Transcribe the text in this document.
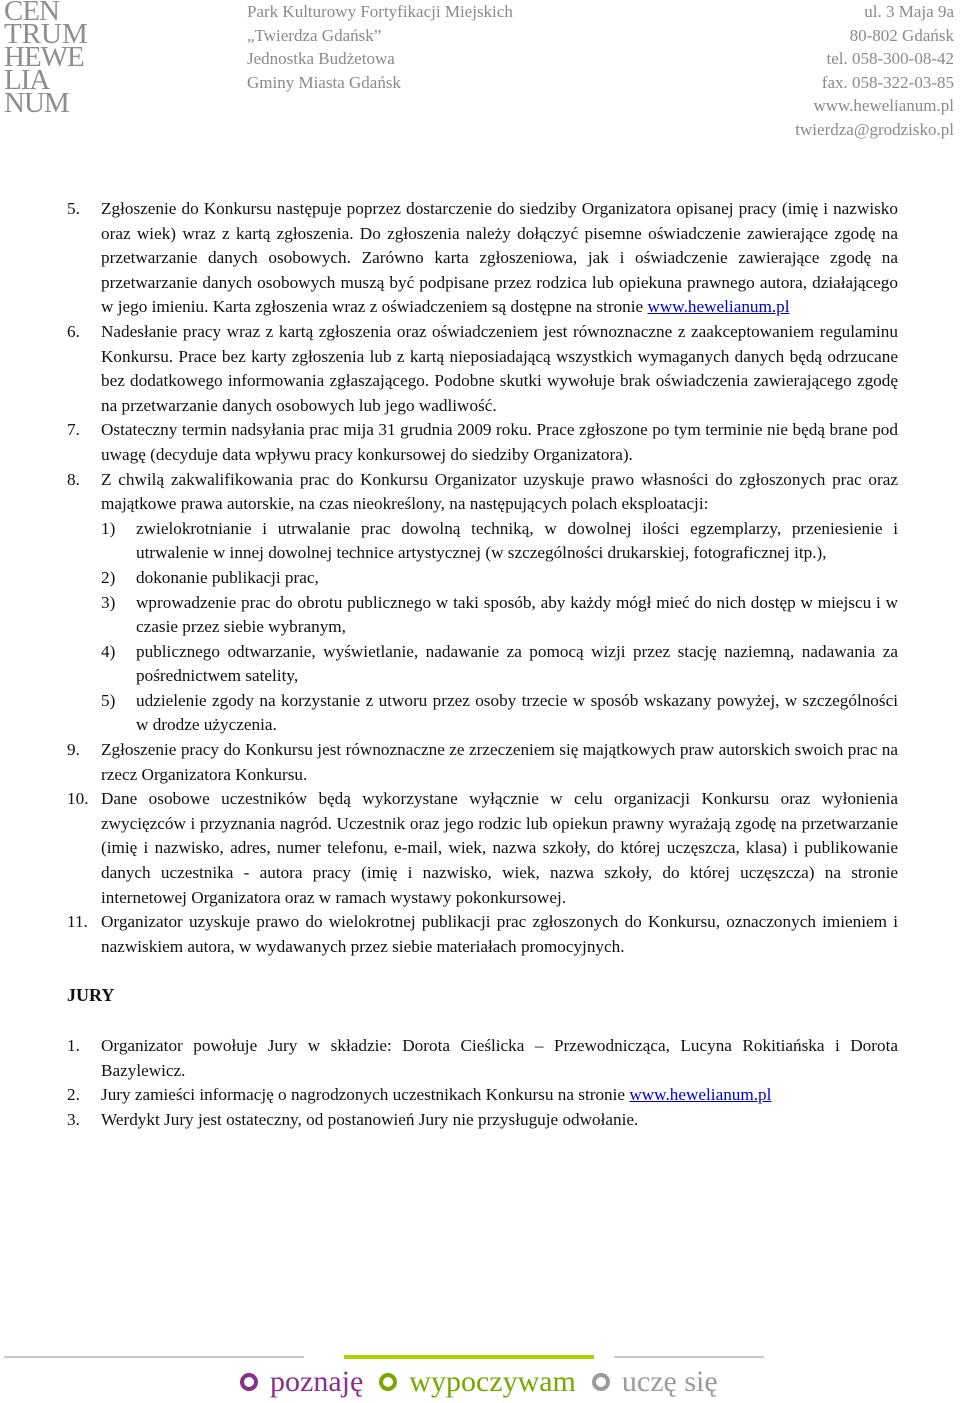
CEN
TRUM
HEWE
LIA
NUM
Park Kulturowy Fortyfikacji Miejskich
„Twierdza Gdańsk”
Jednostka Budżetowa
Gminy Miasta Gdańsk
ul. 3 Maja 9a
80-802 Gdańsk
tel. 058-300-08-42
fax. 058-322-03-85
www.hewelianum.pl
twierdza@grodzisko.pl
5. Zgłoszenie do Konkursu następuje poprzez dostarczenie do siedziby Organizatora opisanej pracy (imię i nazwisko oraz wiek) wraz z kartą zgłoszenia. Do zgłoszenia należy dołączyć pisemne oświadczenie zawierające zgodę na przetwarzanie danych osobowych. Zarówno karta zgłoszeniowa, jak i oświadczenie zawierające zgodę na przetwarzanie danych osobowych muszą być podpisane przez rodzica lub opiekuna prawnego autora, działającego w jego imieniu. Karta zgłoszenia wraz z oświadczeniem są dostępne na stronie www.hewelianum.pl
6. Nadesłanie pracy wraz z kartą zgłoszenia oraz oświadczeniem jest równoznaczne z zaakceptowaniem regulaminu Konkursu. Prace bez karty zgłoszenia lub z kartą nieposiadającą wszystkich wymaganych danych będą odrzucane bez dodatkowego informowania zgłaszającego. Podobne skutki wywołuje brak oświadczenia zawierającego zgodę na przetwarzanie danych osobowych lub jego wadliwość.
7. Ostateczny termin nadsyłania prac mija 31 grudnia 2009 roku. Prace zgłoszone po tym terminie nie będą brane pod uwagę (decyduje data wpływu pracy konkursowej do siedziby Organizatora).
8. Z chwilą zakwalifikowania prac do Konkursu Organizator uzyskuje prawo własności do zgłoszonych prac oraz majątkowe prawa autorskie, na czas nieokreślony, na następujących polach eksploatacji:
1) zwielokrotnianie i utrwalanie prac dowolną techniką, w dowolnej ilości egzemplarzy, przeniesienie i utrwalenie w innej dowolnej technice artystycznej (w szczególności drukarskiej, fotograficznej itp.),
2) dokonanie publikacji prac,
3) wprowadzenie prac do obrotu publicznego w taki sposób, aby każdy mógł mieć do nich dostęp w miejscu i w czasie przez siebie wybranym,
4) publicznego odtwarzanie, wyświetlanie, nadawanie za pomocą wizji przez stację naziemną, nadawania za pośrednictwem satelity,
5) udzielenie zgody na korzystanie z utworu przez osoby trzecie w sposób wskazany powyżej, w szczególności w drodze użyczenia.
9. Zgłoszenie pracy do Konkursu jest równoznaczne ze zrzeczeniem się majątkowych praw autorskich swoich prac na rzecz Organizatora Konkursu.
10. Dane osobowe uczestników będą wykorzystane wyłącznie w celu organizacji Konkursu oraz wyłonienia zwycięzców i przyznania nagród. Uczestnik oraz jego rodzic lub opiekun prawny wyrażają zgodę na przetwarzanie (imię i nazwisko, adres, numer telefonu, e-mail, wiek, nazwa szkoły, do której uczęszcza, klasa) i publikowanie danych uczestnika - autora pracy (imię i nazwisko, wiek, nazwa szkoły, do której uczęszcza) na stronie internetowej Organizatora oraz w ramach wystawy pokonkursowej.
11. Organizator uzyskuje prawo do wielokrotnej publikacji prac zgłoszonych do Konkursu, oznaczonych imieniem i nazwiskiem autora, w wydawanych przez siebie materiałach promocyjnych.
JURY
1. Organizator powołuje Jury w składzie: Dorota Cieślicka – Przewodnicząca, Lucyna Rokitiańska i Dorota Bazylewicz.
2. Jury zamieści informację o nagrodzonych uczestnikach Konkursu na stronie www.hewelianum.pl
3. Werdykt Jury jest ostateczny, od postanowień Jury nie przysługuje odwołanie.
poznaję wypoczywam uczę się
